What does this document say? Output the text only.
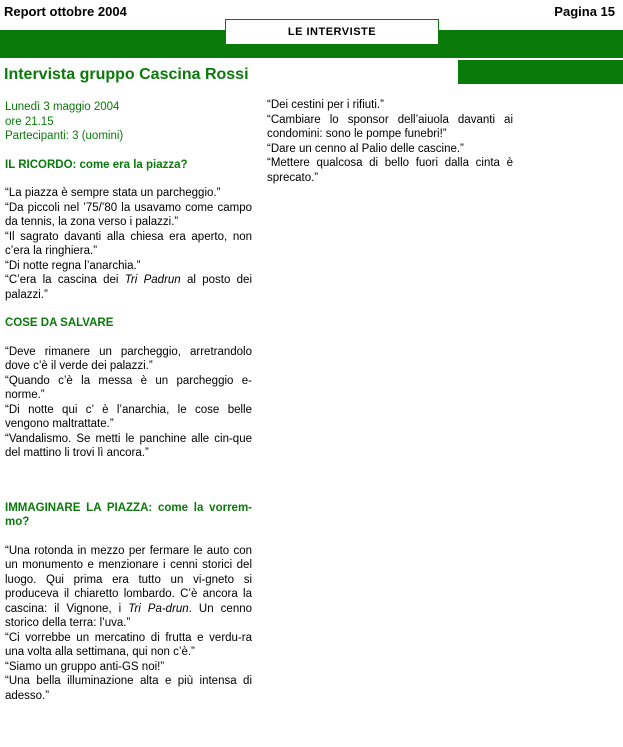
Report ottobre 2004	Pagina 15
LE INTERVISTE
Intervista gruppo Cascina Rossi

Lunedì 3 maggio 2004

ore 21.15

Partecipanti: 3 (uomini)

IL RICORDO: come era la piazza?

“La piazza è sempre stata un parcheggio.”

“Da piccoli nel ’75/’80 la usavamo come campo da tennis, la zona verso i palazzi.”

“Il sagrato davanti alla chiesa era aperto, non c’era la ringhiera.”

“Di notte regna l’anarchia.”

“C’era la cascina dei Tri Padrun al posto dei palazzi.”

COSE DA SALVARE

“Deve rimanere un parcheggio, arretrandolo dove c’è il verde dei palazzi.”

“Quando c’è la messa è un parcheggio e-norme.”

“Di notte qui c’ è l’anarchia, le cose belle vengono maltrattate.”

“Vandalismo. Se metti le panchine alle cin-que del mattino li trovi lì ancora.”

IMMAGINARE LA PIAZZA: come la vorrem-mo?

“Una rotonda in mezzo per fermare le auto con un monumento e menzionare i cenni storici del luogo. Qui prima era tutto un vi-gneto si produceva il chiaretto lombardo. C’è ancora la cascina: il Vignone, i Tri Pa-drun. Un cenno storico della terra: l’uva.”

“Ci vorrebbe un mercatino di frutta e verdu-ra una volta alla settimana, qui non c’è.”

“Siamo un gruppo anti-GS noi!”

“Una bella illuminazione alta e più intensa di adesso.”

“Dei cestini per i rifiuti.”

“Cambiare lo sponsor dell’aiuola davanti ai condomini: sono le pompe funebri!”

“Dare un cenno al Palio delle cascine.”

“Mettere qualcosa di bello fuori dalla cinta è sprecato.”
